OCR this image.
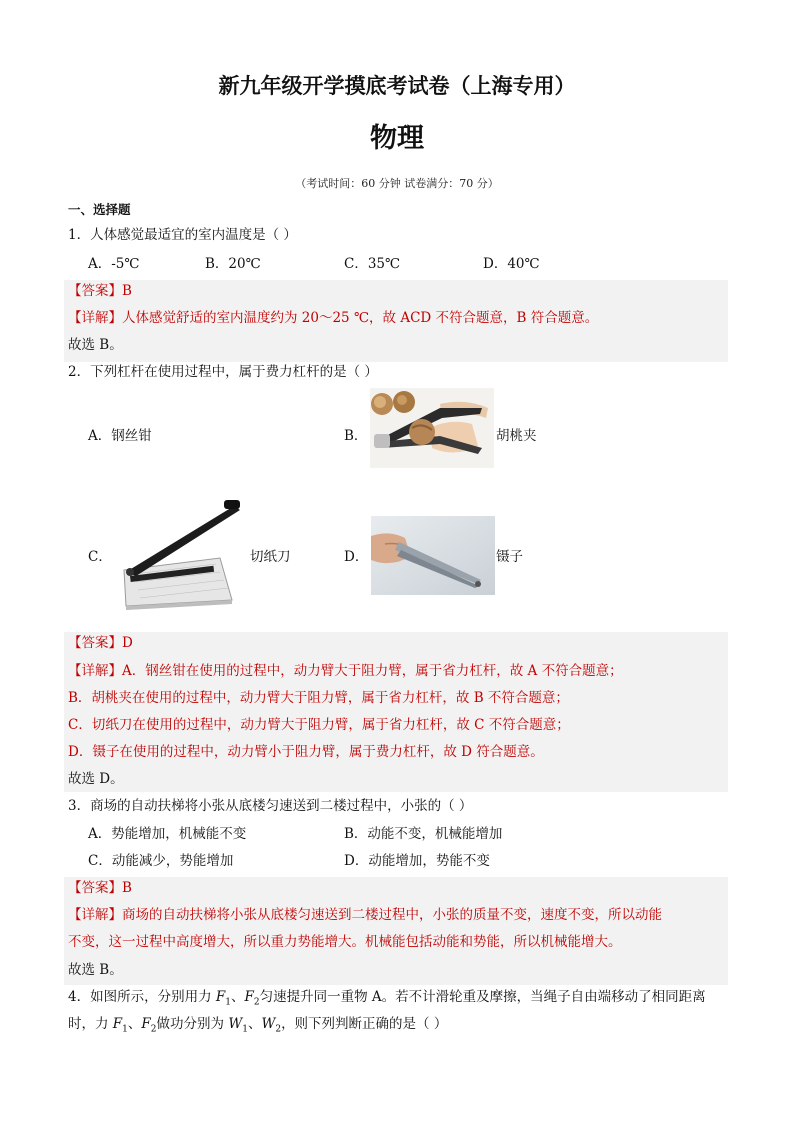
新九年级开学摸底考试卷（上海专用）
物理
（考试时间：60 分钟 试卷满分：70 分）
一、选择题
1．人体感觉最适宜的室内温度是（ ）
A．-5℃	B．20℃	C．35℃	D．40℃
【答案】B
【详解】人体感觉舒适的室内温度约为 20～25 ℃，故 ACD 不符合题意，B 符合题意。
故选 B。
2．下列杠杆在使用过程中，属于费力杠杆的是（ ）
A．钢丝钳	B．	胡桃夹
C．	切纸刀	D．	镊子
【答案】D
【详解】A．钢丝钳在使用的过程中，动力臂大于阻力臂，属于省力杠杆，故 A 不符合题意；
B．胡桃夹在使用的过程中，动力臂大于阻力臂，属于省力杠杆，故 B 不符合题意；
C．切纸刀在使用的过程中，动力臂大于阻力臂，属于省力杠杆，故 C 不符合题意；
D．镊子在使用的过程中，动力臂小于阻力臂，属于费力杠杆，故 D 符合题意。
故选 D。
3．商场的自动扶梯将小张从底楼匀速送到二楼过程中，小张的（ ）
A．势能增加，机械能不变	B．动能不变，机械能增加
C．动能减少，势能增加	D．动能增加，势能不变
【答案】B
【详解】商场的自动扶梯将小张从底楼匀速送到二楼过程中，小张的质量不变，速度不变，所以动能
不变，这一过程中高度增大，所以重力势能增大。机械能包括动能和势能，所以机械能增大。
故选 B。
4．如图所示，分别用力 $F_1$、$F_2$匀速提升同一重物 A。若不计滑轮重及摩擦，当绳子自由端移动了相同距离
时，力 $F_1$、$F_2$做功分别为 $W_1$、$W_2$，则下列判断正确的是（ ）
